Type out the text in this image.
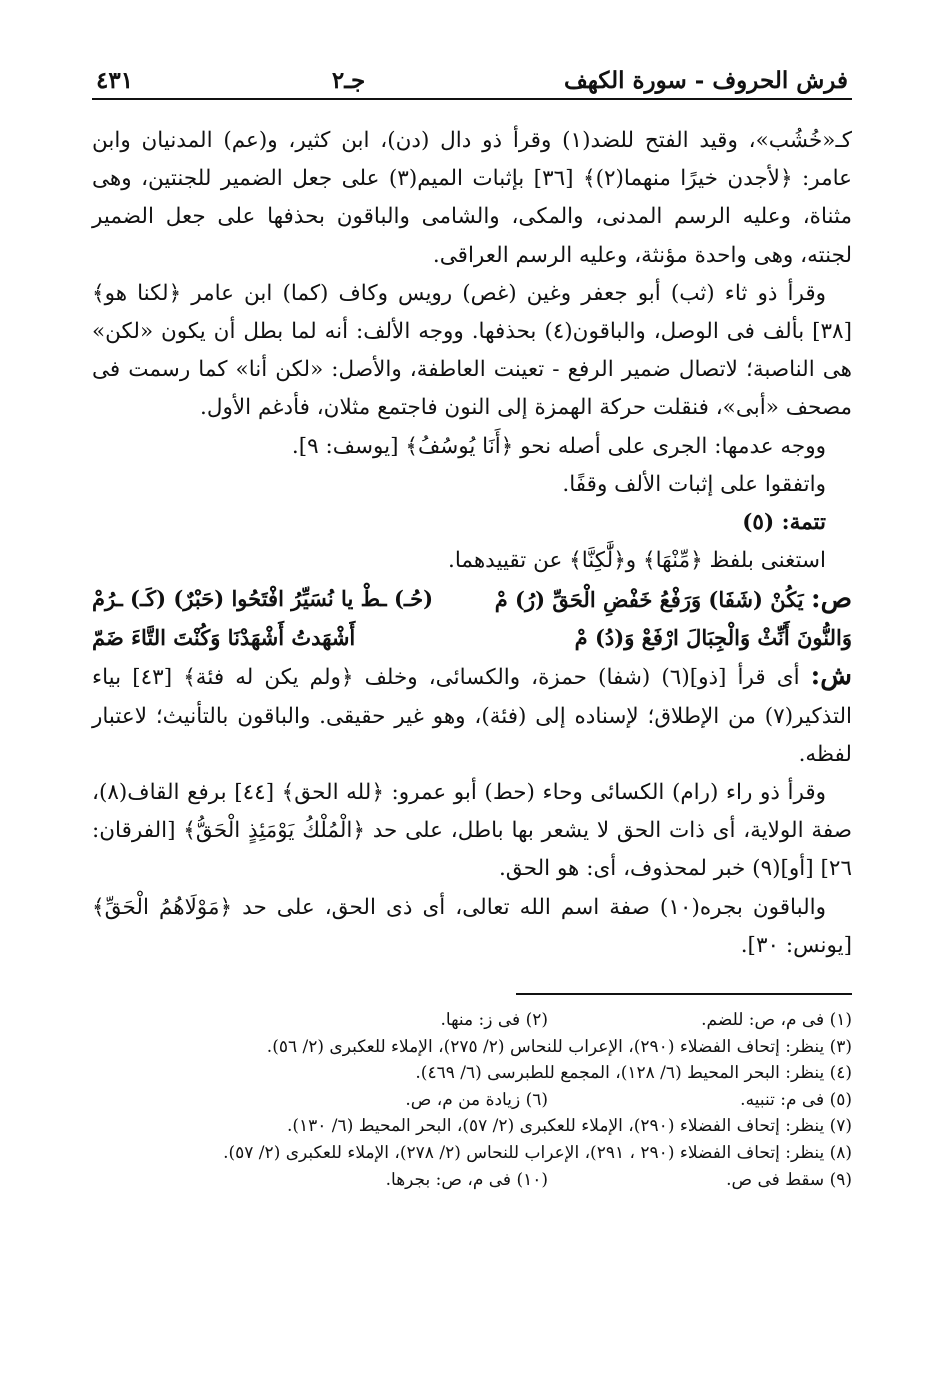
فرش الحروف - سورة الكهف
جـ٢
٤٣١

كـ«خُشُب»، وقيد الفتح للضد(١) وقرأ ذو دال (دن)، ابن كثير، و(عم) المدنيان وابن عامر: ﴿لأجدن خيرًا منهما(٢)﴾ [٣٦] بإثبات الميم(٣) على جعل الضمير للجنتين، وهى مثناة، وعليه الرسم المدنى، والمكى، والشامى والباقون بحذفها على جعل الضمير لجنته، وهى واحدة مؤنثة، وعليه الرسم العراقى.

وقرأ ذو ثاء (ثب) أبو جعفر وغين (غص) رويس وكاف (كما) ابن عامر ﴿لكنا هو﴾ [٣٨] بألف فى الوصل، والباقون(٤) بحذفها. ووجه الألف: أنه لما بطل أن يكون «لكن» هى الناصبة؛ لاتصال ضمير الرفع - تعينت العاطفة، والأصل: «لكن أنا» كما رسمت فى مصحف «أبى»، فنقلت حركة الهمزة إلى النون فاجتمع مثلان، فأدغم الأول.

ووجه عدمها: الجرى على أصله نحو ﴿أَنَا يُوسُفُ﴾ [يوسف: ٩].

واتفقوا على إثبات الألف وقفًا.

تتمة: (٥)

استغنى بلفظ ﴿مِّنْهَا﴾ و﴿لَّٰكِنَّا﴾ عن تقييدهما.

ص: يَكُنْ (شَفَا) وَرَفْعُ خَفْضِ الْحَقِّ (رُ) مْ
(حُـ) ـطْ يا نُسَيِّرُ افْتَحُوا (حَبْرٌ) (كَـ) ـرُمْ
وَالنُّونَ أَنِّثْ وَالْجِبَالَ ارْفَعْ وَ(دُ) مْ
أَشْهَدتُ أَشْهَدْنَا وَكُنْتَ التَّاءَ ضَمّ

ش: أى قرأ [ذو](٦) (شفا) حمزة، والكسائى، وخلف ﴿ولم يكن له فئة﴾ [٤٣] بياء التذكير(٧) من الإطلاق؛ لإسناده إلى (فئة)، وهو غير حقيقى. والباقون بالتأنيث؛ لاعتبار لفظه.

وقرأ ذو راء (رام) الكسائى وحاء (حط) أبو عمرو: ﴿لله الحق﴾ [٤٤] برفع القاف(٨)، صفة الولاية، أى ذات الحق لا يشعر بها باطل، على حد ﴿الْمُلْكُ يَوْمَئِذٍ الْحَقُّ﴾ [الفرقان: ٢٦] [أو](٩) خبر لمحذوف، أى: هو الحق.

والباقون بجره(١٠) صفة اسم الله تعالى، أى ذى الحق، على حد ﴿مَوْلَاهُمُ الْحَقِّ﴾ [يونس: ٣٠].

(١) فى م، ص: للضم.
(٢) فى ز: منها.
(٣) ينظر: إتحاف الفضلاء (٢٩٠)، الإعراب للنحاس (٢/ ٢٧٥)، الإملاء للعكبرى (٢/ ٥٦).
(٤) ينظر: البحر المحيط (٦/ ١٢٨)، المجمع للطبرسى (٦/ ٤٦٩).
(٥) فى م: تنبيه.
(٦) زيادة من م، ص.
(٧) ينظر: إتحاف الفضلاء (٢٩٠)، الإملاء للعكبرى (٢/ ٥٧)، البحر المحيط (٦/ ١٣٠).
(٨) ينظر: إتحاف الفضلاء (٢٩٠ ، ٢٩١)، الإعراب للنحاس (٢/ ٢٧٨)، الإملاء للعكبرى (٢/ ٥٧).
(٩) سقط فى ص.
(١٠) فى م، ص: بجرها.
